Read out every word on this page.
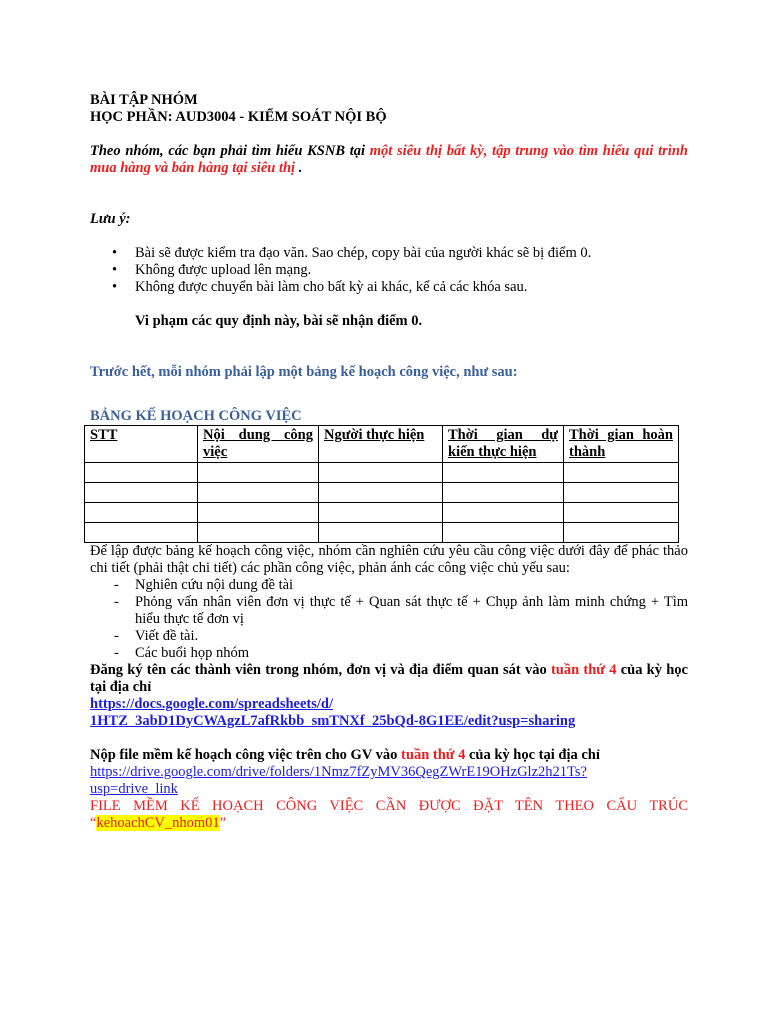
BÀI TẬP NHÓM

HỌC PHẦN: AUD3004 - KIỂM SOÁT NỘI BỘ

Theo nhóm, các bạn phải tìm hiểu KSNB tại một siêu thị bất kỳ, tập trung vào tìm hiểu qui trình mua hàng và bán hàng tại siêu thị .

Lưu ý:

• Bài sẽ được kiểm tra đạo văn. Sao chép, copy bài của người khác sẽ bị điểm 0.
• Không được upload lên mạng.
• Không được chuyển bài làm cho bất kỳ ai khác, kể cả các khóa sau.

Vi phạm các quy định này, bài sẽ nhận điểm 0.

Trước hết, mỗi nhóm phải lập một bảng kế hoạch công việc, như sau:

BẢNG KẾ HOẠCH CÔNG VIỆC

STT	Nội dung công việc	Người thực hiện	Thời gian dự kiến thực hiện	Thời gian hoàn thành

Để lập được bảng kế hoạch công việc, nhóm cần nghiên cứu yêu cầu công việc dưới đây để phác thảo chi tiết (phải thật chi tiết) các phần công việc, phản ánh các công việc chủ yếu sau:

- Nghiên cứu nội dung đề tài
- Phỏng vấn nhân viên đơn vị thực tế + Quan sát thực tế + Chụp ảnh làm minh chứng + Tìm hiểu thực tế đơn vị
- Viết đề tài.
- Các buổi họp nhóm

Đăng ký tên các thành viên trong nhóm, đơn vị và địa điểm quan sát vào tuần thứ 4 của kỳ học tại địa chỉ

https://docs.google.com/spreadsheets/d/
1HTZ_3abD1DyCWAgzL7afRkbb_smTNXf_25bQd-8G1EE/edit?usp=sharing

Nộp file mềm kế hoạch công việc trên cho GV vào tuần thứ 4 của kỳ học tại địa chỉ

https://drive.google.com/drive/folders/1Nmz7fZyMV36QegZWrE19OHzGlz2h21Ts?
usp=drive_link

FILE MỀM KẾ HOẠCH CÔNG VIỆC CẦN ĐƯỢC ĐẶT TÊN THEO CẤU TRÚC

“kehoachCV_nhom01”
